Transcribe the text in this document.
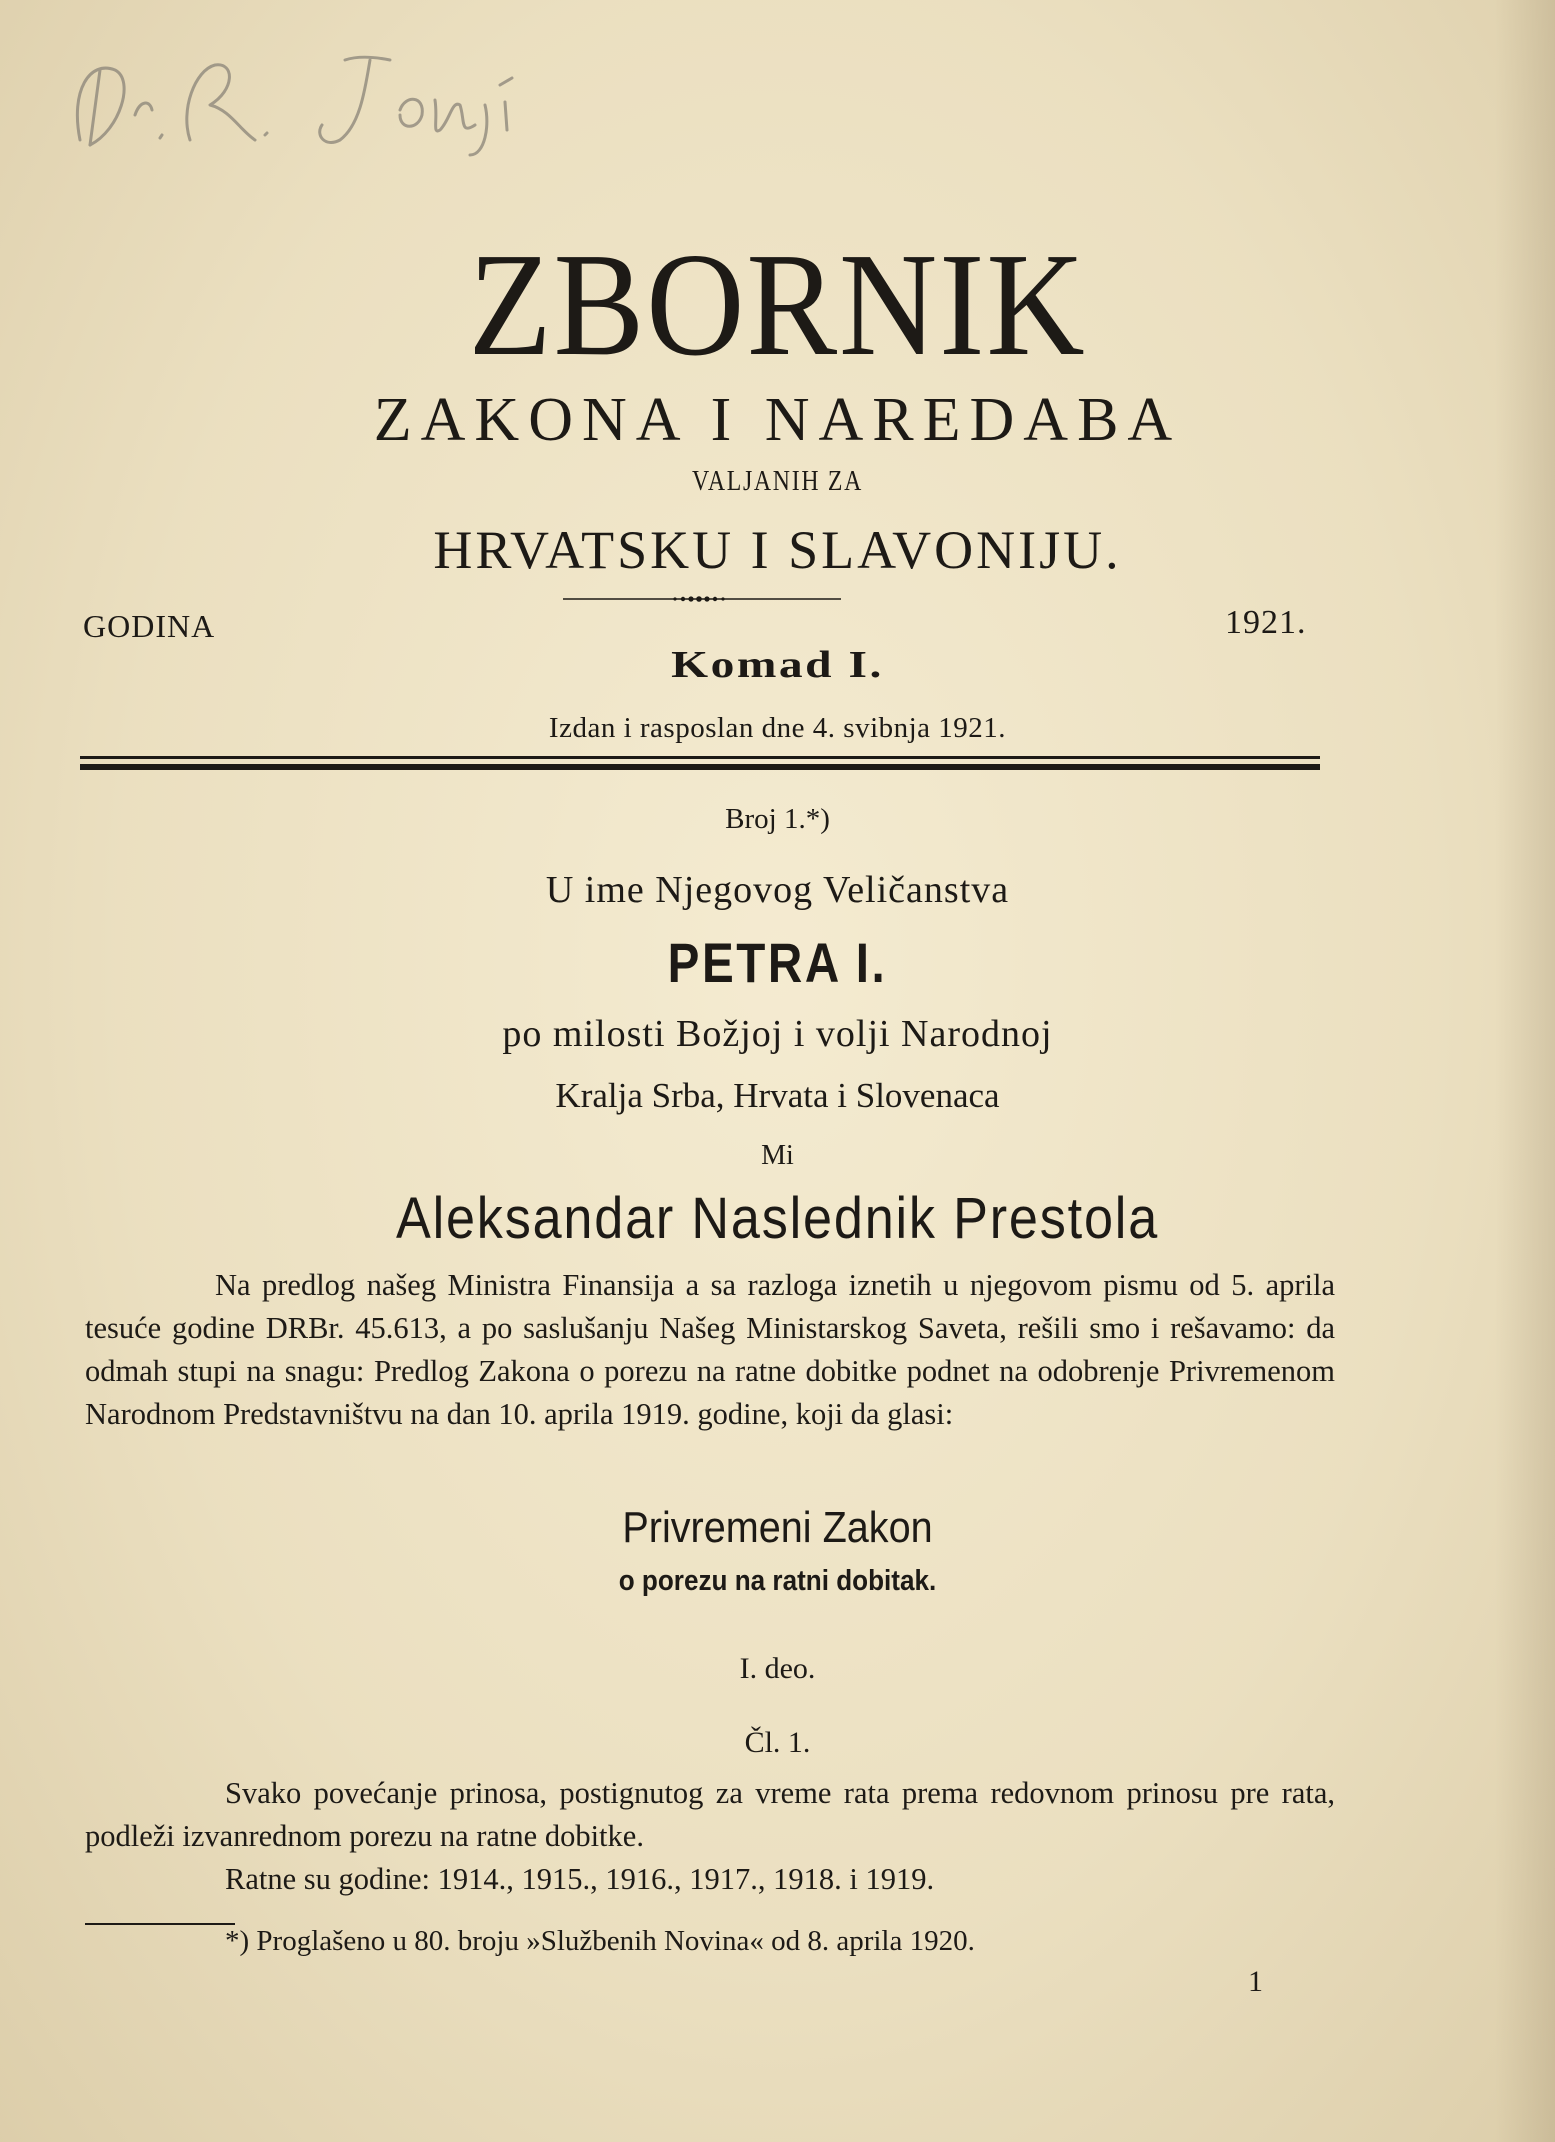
ZBORNIK
ZAKONA I NAREDABA
VALJANIH ZA
HRVATSKU I SLAVONIJU.
GODINA	1921.
Komad I.
Izdan i rasposlan dne 4. svibnja 1921.
Broj 1.*)
U ime Njegovog Veličanstva
PETRA I.
po milosti Božjoj i volji Narodnoj
Kralja Srba, Hrvata i Slovenaca
Mi
Aleksandar Naslednik Prestola
Na predlog našeg Ministra Finansija a sa razloga iznetih u njegovom pismu od 5. aprila tesuće godine DRBr. 45.613, a po saslušanju Našeg Ministarskog Saveta, rešili smo i rešavamo: da odmah stupi na snagu: Predlog Zakona o porezu na ratne dobitke podnet na odobrenje Privremenom Narodnom Predstavništvu na dan 10. aprila 1919. godine, koji da glasi:
Privremeni Zakon
o porezu na ratni dobitak.
I. deo.
Čl. 1.
Svako povećanje prinosa, postignutog za vreme rata prema redovnom prinosu pre rata, podleži izvanrednom porezu na ratne dobitke.
Ratne su godine: 1914., 1915., 1916., 1917., 1918. i 1919.
*) Proglašeno u 80. broju »Službenih Novina« od 8. aprila 1920.
1
